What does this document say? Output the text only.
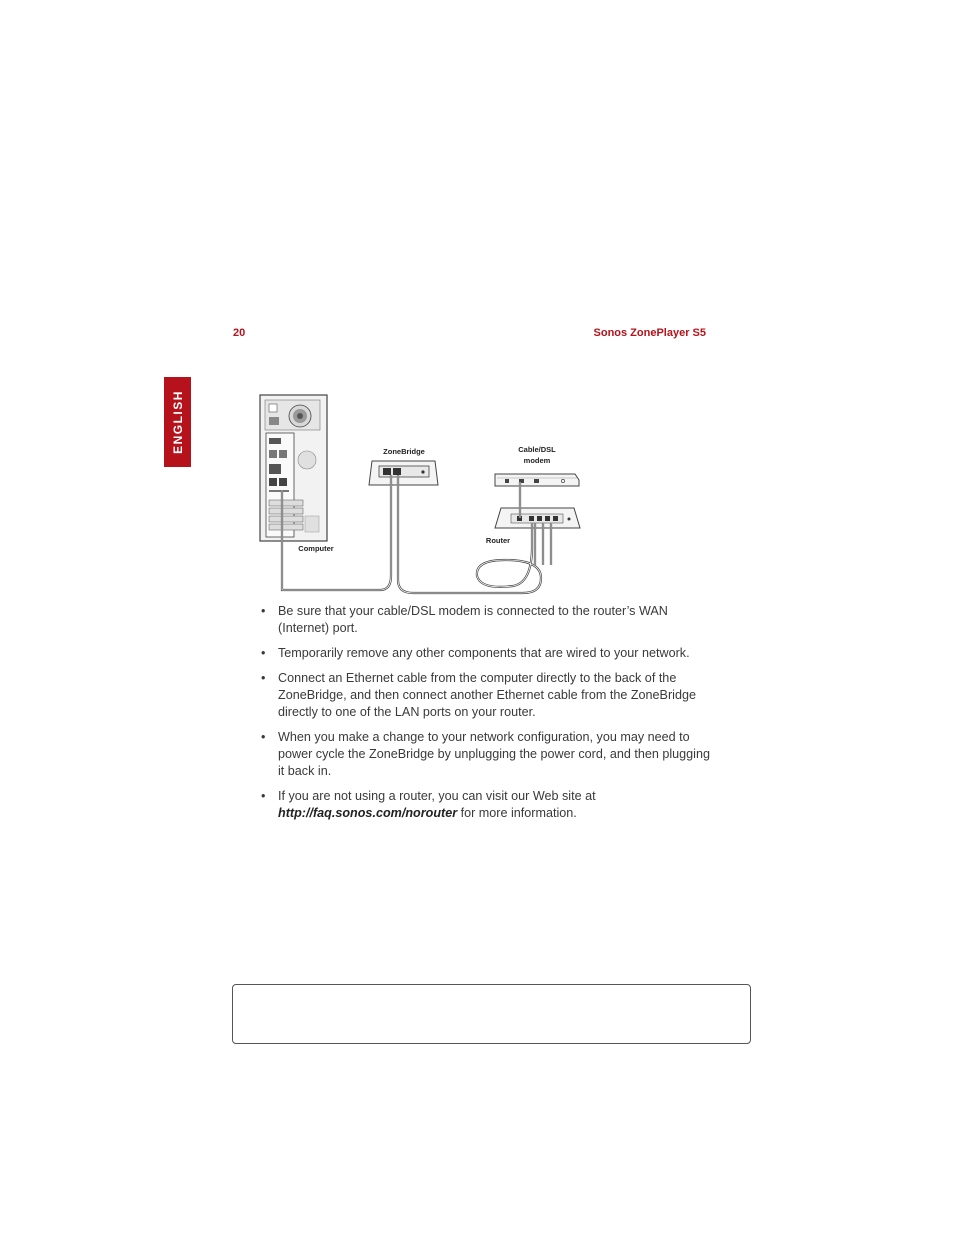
20	Sonos ZonePlayer S5
ENGLISH
Computer
ZoneBridge	Cable/DSL
modem
Router
• Be sure that your cable/DSL modem is connected to the router’s WAN (Internet) port.
• Temporarily remove any other components that are wired to your network.
• Connect an Ethernet cable from the computer directly to the back of the ZoneBridge, and then connect another Ethernet cable from the ZoneBridge directly to one of the LAN ports on your router.
• When you make a change to your network configuration, you may need to power cycle the ZoneBridge by unplugging the power cord, and then plugging it back in.
• If you are not using a router, you can visit our Web site at
http://faq.sonos.com/norouter for more information.
